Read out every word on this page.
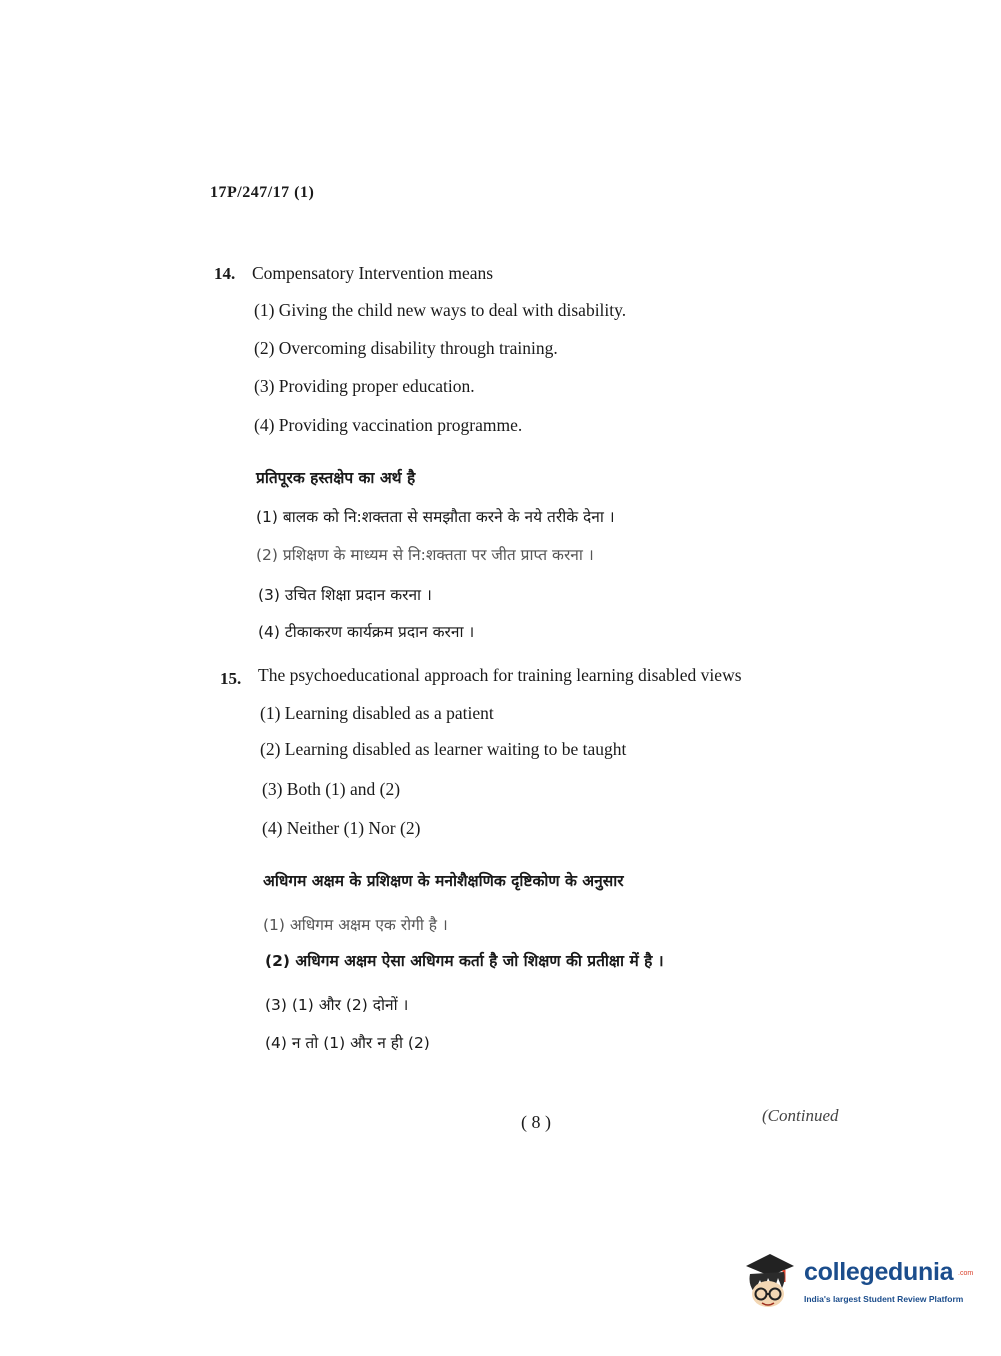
17P/247/17 (1)
14. Compensatory Intervention means
(1) Giving the child new ways to deal with disability.
(2) Overcoming disability through training.
(3) Providing proper education.
(4) Providing vaccination programme.
प्रतिपूरक हस्तक्षेप का अर्थ है
(1) बालक को नि:शक्तता से समझौता करने के नये तरीके देना ।
(2) प्रशिक्षण के माध्यम से नि:शक्तता पर जीत प्राप्त करना ।
(3) उचित शिक्षा प्रदान करना ।
(4) टीकाकरण कार्यक्रम प्रदान करना ।
15. The psychoeducational approach for training learning disabled views
(1) Learning disabled as a patient
(2) Learning disabled as learner waiting to be taught
(3) Both (1) and (2)
(4) Neither (1) Nor (2)
अधिगम अक्षम के प्रशिक्षण के मनोशैक्षणिक दृष्टिकोण के अनुसार
(1) अधिगम अक्षम एक रोगी है ।
(2) अधिगम अक्षम ऐसा अधिगम कर्ता है जो शिक्षण की प्रतीक्षा में है ।
(3) (1) और (2) दोनों ।
(4) न तो (1) और न ही (2)
( 8 )	(Continued
collegedunia .com
India's largest Student Review Platform
